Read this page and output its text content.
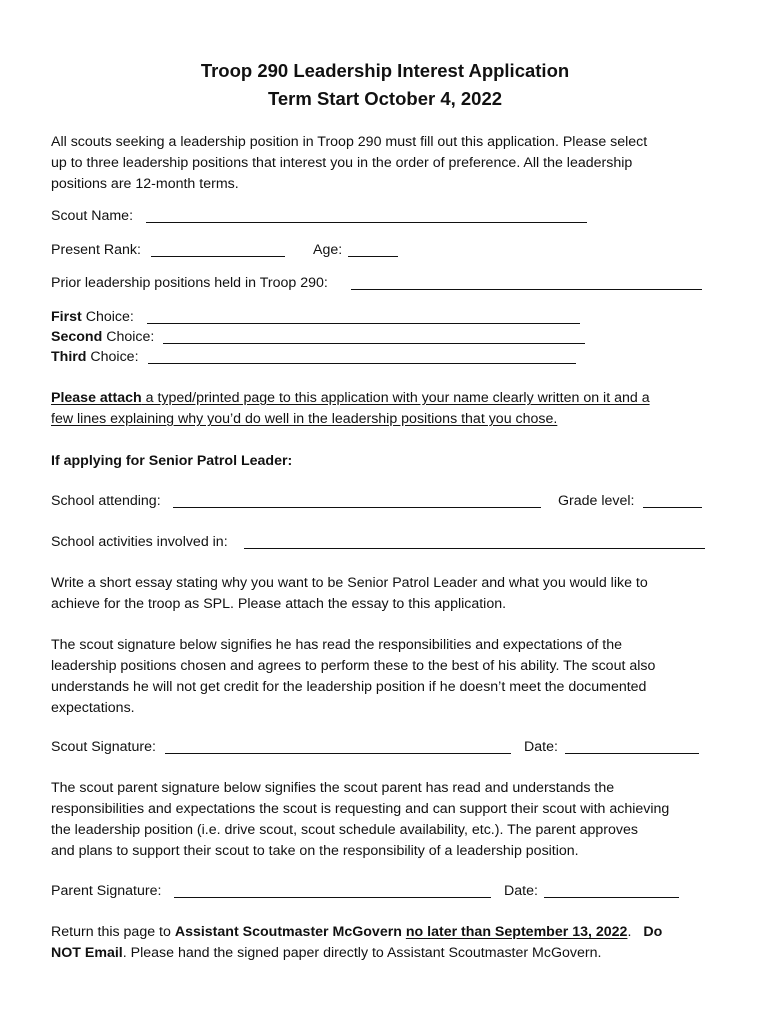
Troop 290 Leadership Interest Application
Term Start October 4, 2022
All scouts seeking a leadership position in Troop 290 must fill out this application. Please select
up to three leadership positions that interest you in the order of preference. All the leadership
positions are 12-month terms.
Scout Name:
Present Rank:	Age:
Prior leadership positions held in Troop 290:
First Choice:
Second Choice:
Third Choice:
Please attach a typed/printed page to this application with your name clearly written on it and a
few lines explaining why you’d do well in the leadership positions that you chose.
If applying for Senior Patrol Leader:
School attending:	Grade level:
School activities involved in:
Write a short essay stating why you want to be Senior Patrol Leader and what you would like to
achieve for the troop as SPL. Please attach the essay to this application.
The scout signature below signifies he has read the responsibilities and expectations of the
leadership positions chosen and agrees to perform these to the best of his ability. The scout also
understands he will not get credit for the leadership position if he doesn’t meet the documented
expectations.
Scout Signature:	Date:
The scout parent signature below signifies the scout parent has read and understands the
responsibilities and expectations the scout is requesting and can support their scout with achieving
the leadership position (i.e. drive scout, scout schedule availability, etc.). The parent approves
and plans to support their scout to take on the responsibility of a leadership position.
Parent Signature:	Date:
Return this page to Assistant Scoutmaster McGovern no later than September 13, 2022. Do
NOT Email. Please hand the signed paper directly to Assistant Scoutmaster McGovern.
